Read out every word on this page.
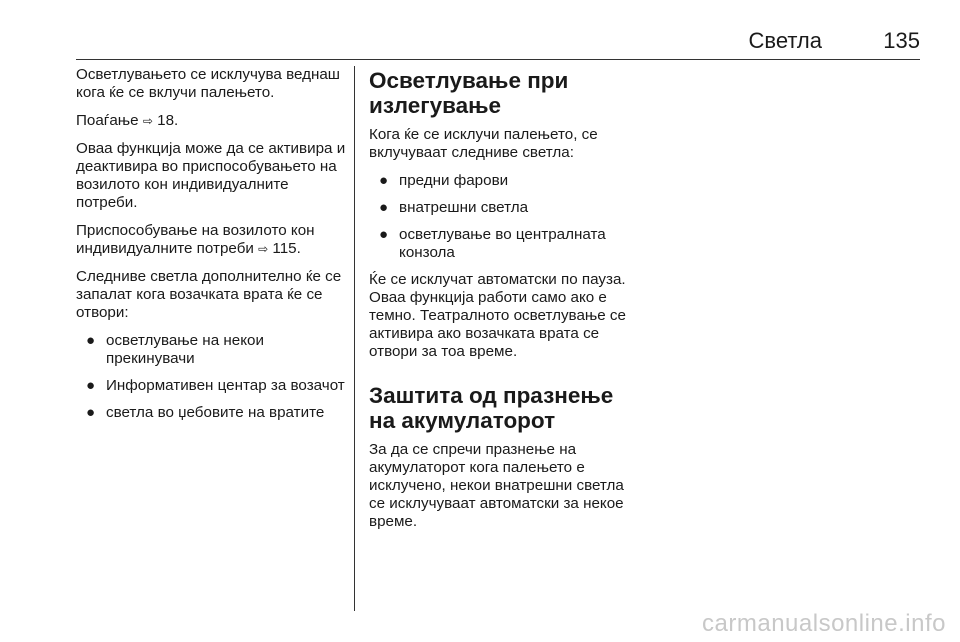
Светла	135

Осветлувањето се исклучува веднаш кога ќе се вклучи палењето.

Поаѓање ⇨ 18.

Оваа функција може да се активира и деактивира во приспособувањето на возилото кон индивидуалните потреби.

Приспособување на возилото кон индивидуалните потреби ⇨ 115.

Следниве светла дополнително ќе се запалат кога возачката врата ќе се отвори:

● осветлување на некои прекинувачи
● Информативен центар за возачот
● светла во џебовите на вратите
Осветлување при излегување

Кога ќе се исклучи палењето, се вклучуваат следниве светла:

● предни фарови
● внатрешни светла
● осветлување во централната конзола

Ќе се исклучат автоматски по пауза. Оваа функција работи само ако е темно. Театралното осветлување се активира ако возачката врата се отвори за тоа време.

Заштита од празнење на акумулаторот

За да се спречи празнење на акумулаторот кога палењето е исклучено, некои внатрешни светла се исклучуваат автоматски за некое време.

carmanualsonline.info
